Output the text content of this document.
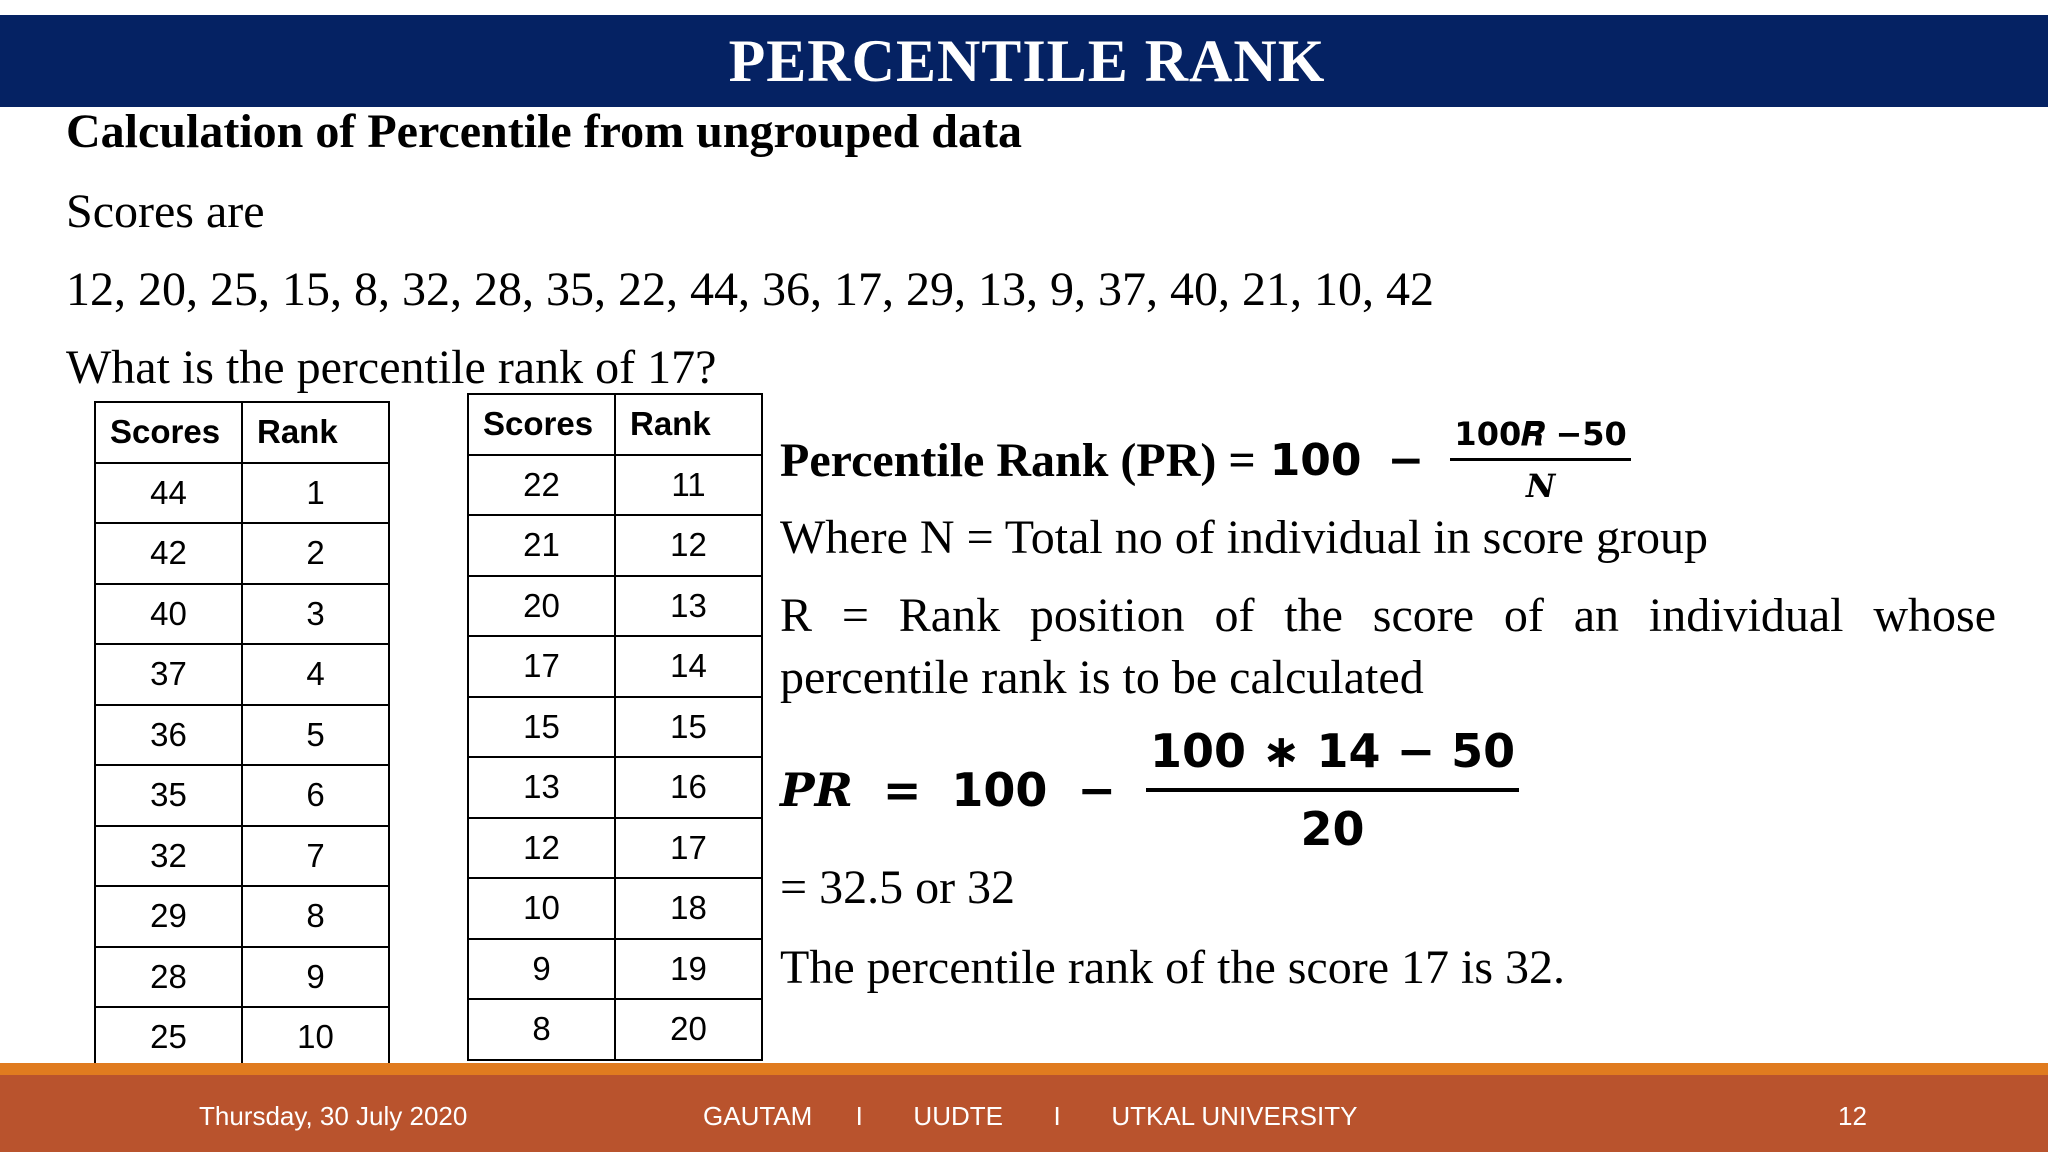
PERCENTILE RANK
Calculation of Percentile from ungrouped data
Scores are
12, 20, 25, 15, 8, 32, 28, 35, 22, 44, 36, 17, 29, 13, 9, 37, 40, 21, 10, 42
What is the percentile rank of 17?
Scores	Rank
44	1
42	2
40	3
37	4
36	5
35	6
32	7
29	8
28	9
25	10
Scores	Rank
22	11
21	12
20	13
17	14
15	15
13	16
12	17
10	18
9	19
8	20
Percentile Rank $(PR) = 100 - \frac{\text{100𝑹 −50}}{N}$
Where N = Total no of individual in score group
R = Rank position of the score of an individual whose
percentile rank is to be calculated
PR = $100 - \frac{100 ∗ 14 - 50}{20}$
= 32.5 or 32
The percentile rank of the score 17 is 32.
Thursday, 30 July 2020	GAUTAM      I       UUDTE       I       UTKAL UNIVERSITY	12
